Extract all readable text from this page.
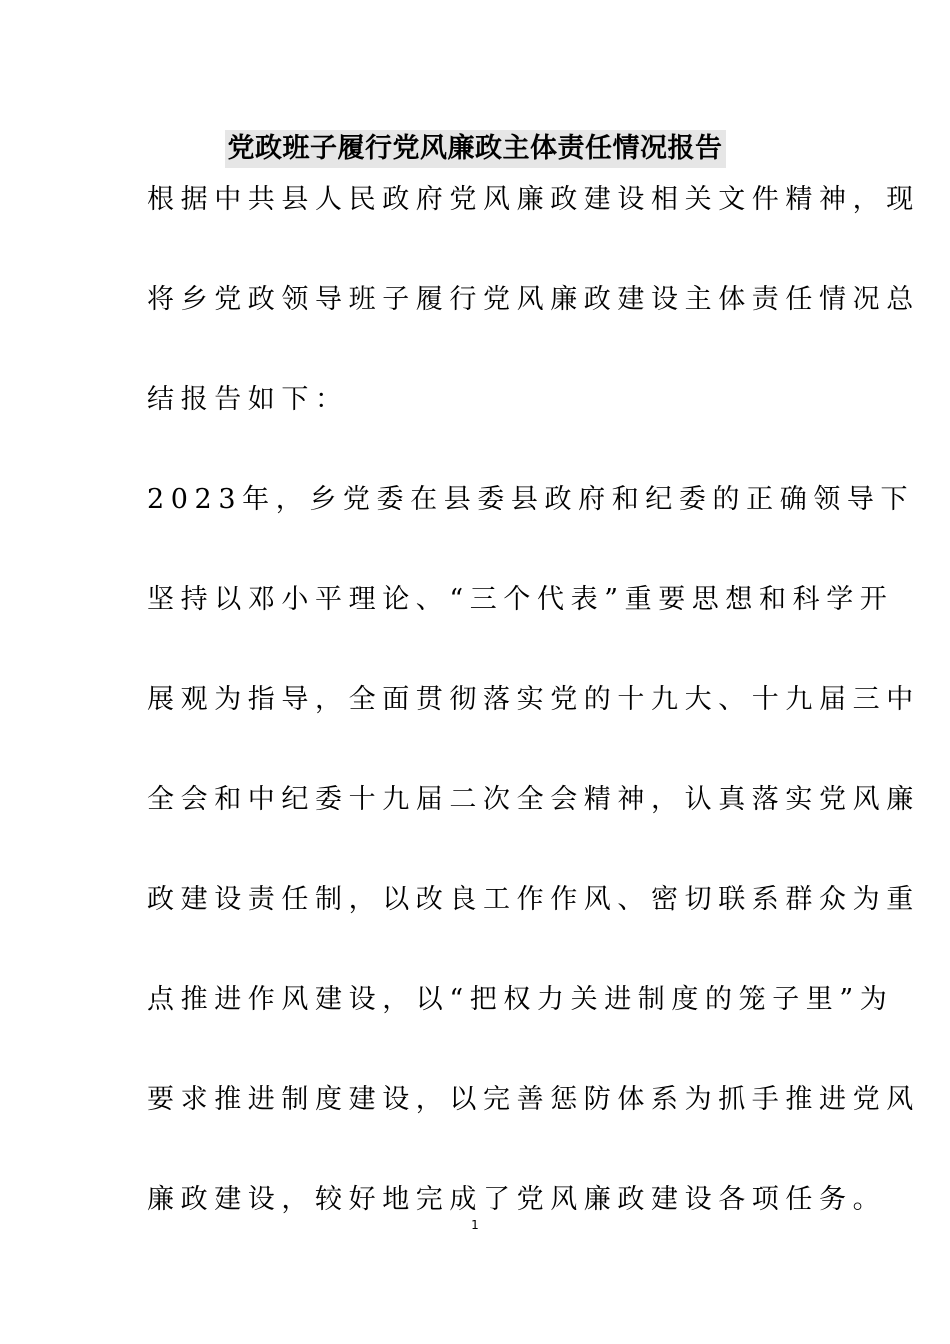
党政班子履行党风廉政主体责任情况报告
根据中共县人民政府党风廉政建设相关文件精神，现
将乡党政领导班子履行党风廉政建设主体责任情况总
结报告如下：
2023年，乡党委在县委县政府和纪委的正确领导下
坚持以邓小平理论、“三个代表”重要思想和科学开
展观为指导，全面贯彻落实党的十九大、十九届三中
全会和中纪委十九届二次全会精神，认真落实党风廉
政建设责任制，以改良工作作风、密切联系群众为重
点推进作风建设，以“把权力关进制度的笼子里”为
要求推进制度建设，以完善惩防体系为抓手推进党风
廉政建设，较好地完成了党风廉政建设各项任务。
1
